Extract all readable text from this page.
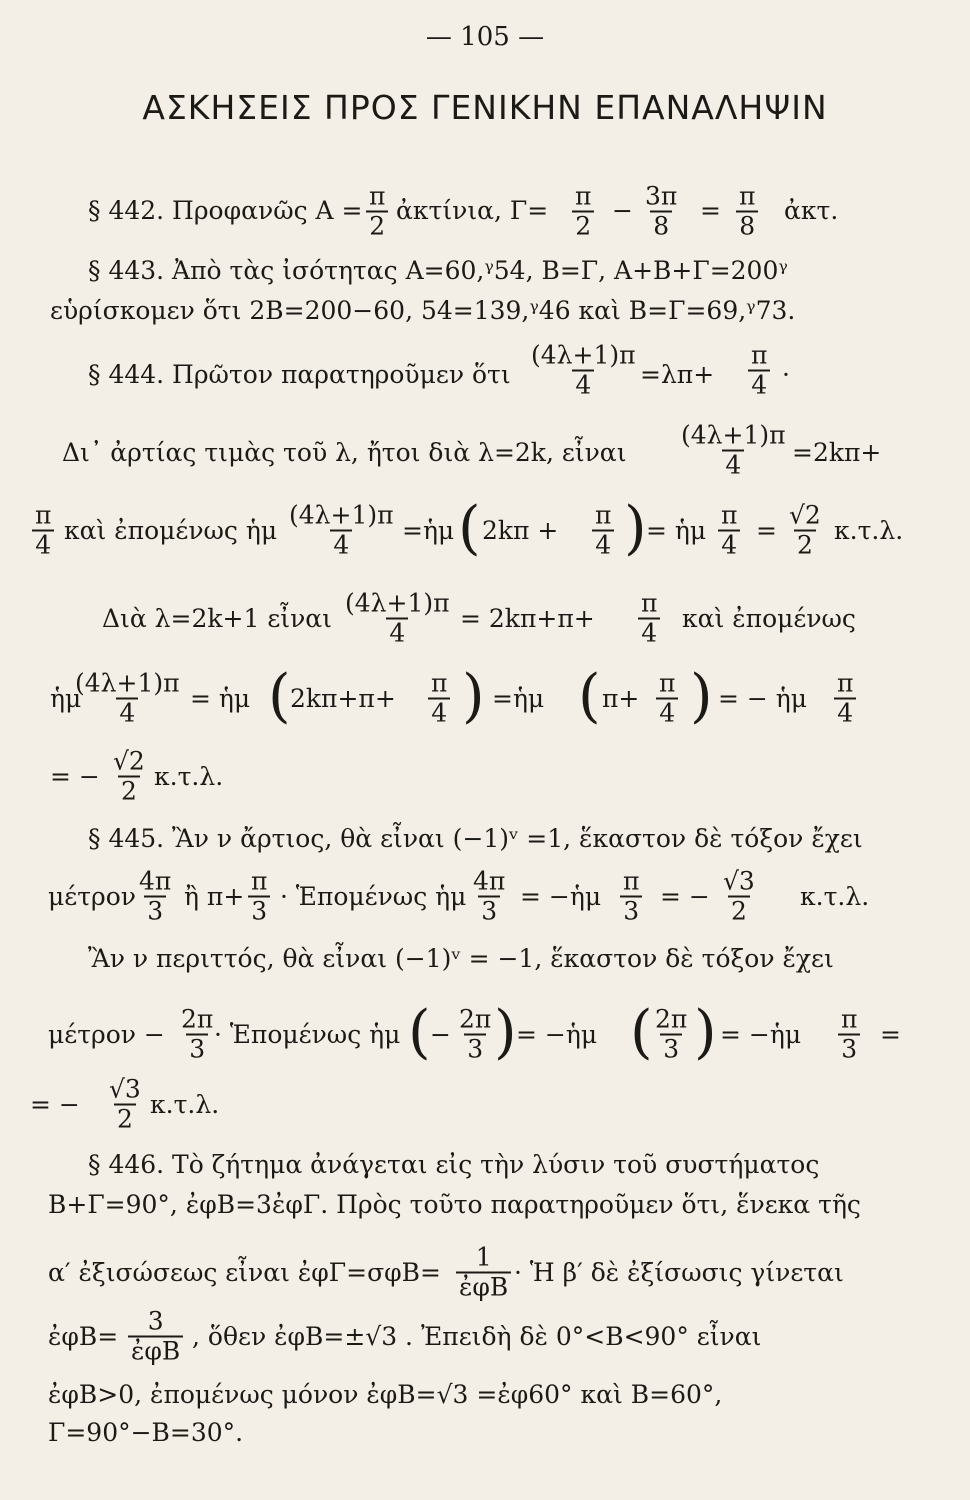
— 105 —
ΑΣΚΗΣΕΙΣ ΠΡΟΣ ΓΕΝΙΚΗΝ ΕΠΑΝΑΛΗΨΙΝ
§ 442. Προφανῶς $A = \frac{\pi}{2}$ ἀκτίνια, $\Gamma= \frac{\pi}{2} - \frac{3\pi}{8} = \frac{\pi}{8}$ ἀκτ.
§ 443. Ἀπὸ τὰς ἰσότητας Α=60,ᵞ54, Β=Γ, Α+Β+Γ=200ᵞ
εὑρίσκομεν ὅτι 2Β=200−60, 54=139,ᵞ46 καὶ Β=Γ=69,ᵞ73.
§ 444. Πρῶτον παρατηροῦμεν ὅτι $\frac{(4\lambda+1)\pi}{4} =\lambda\pi+ \frac{\pi}{4}$ ·
Δι᾽ ἀρτίας τιμὰς τοῦ λ, ἤτοι διὰ λ=2k, εἶναι $\frac{(4\lambda+1)\pi}{4} =2k\pi+$
$\frac{\pi}{4}$ καὶ ἐπομένως ἡμ $\frac{(4\lambda+1)\pi}{4}$ =ἡμ ( $2k\pi + \frac{\pi}{4}$ ) = ἡμ $\frac{\pi}{4} = \frac{√2}{2} \kappa.\tau.\lambda$.
Διὰ λ=2k+1 εἶναι $\frac{(4\lambda+1)\pi}{4} = 2k\pi+\pi+ \frac{\pi}{4}$ καὶ ἐπομένως
ἡμ
$\frac{(4\lambda+1)\pi}{4}$ = ἡμ ( $2k\pi+\pi+ \frac{\pi}{4}$ ) =ἡμ ( $\pi+ \frac{\pi}{4}$ ) = − ἡμ $\frac{\pi}{4}$
= − $\frac{√2}{2} \kappa.\tau.\lambda$.
§ 445. Ἂν ν ἄρτιος, θὰ εἶναι (−1)ᵛ =1, ἕκαστον δὲ τόξον ἔχει
μέτρον $\frac{4\pi}{3}$ ἢ $\pi+ \frac{\pi}{3}$ · Ἑπομένως ἡμ $\frac{4\pi}{3}$ = −ἡμ $\frac{\pi}{3}$ = − $\frac{√3}{2} \kappa.\tau.\lambda$.
Ἂν ν περιττός, θὰ εἶναι (−1)ᵛ = −1, ἕκαστον δὲ τόξον ἔχει
$\mu έ\tau\rho o\nu - \frac{2\pi}{3}$
· Ἑπομένως ἡμ ( − $\frac{2\pi}{3}$ ) = −ἡμ ( $\frac{2\pi}{3}$ ) = −ἡμ $\frac{\pi}{3}$ =
= − $\frac{√3}{2} \kappa.\tau.\lambda$.
§ 446. Τὸ ζήτημα ἀνάγεται εἰς τὴν λύσιν τοῦ συστήματος
Β+Γ=90°, ἐφΒ=3ἐφΓ. Πρὸς τοῦτο παρατηροῦμεν ὅτι, ἕνεκα τῆς
α′ ἐξισώσεως εἶναι ἐφΓ=σφΒ=
1
ἐφΒ · Ἡ β′ δὲ ἐξίσωσις γίνεται
ἐφΒ=
3
ἐφΒ , ὅθεν ἐφΒ=±√3 . Ἐπειδὴ δὲ 0°<Β<90° εἶναι
ἐφΒ>0, ἐπομένως μόνον ἐφΒ=√3 =ἐφ60° καὶ Β=60°,
Γ=90°−Β=30°.
